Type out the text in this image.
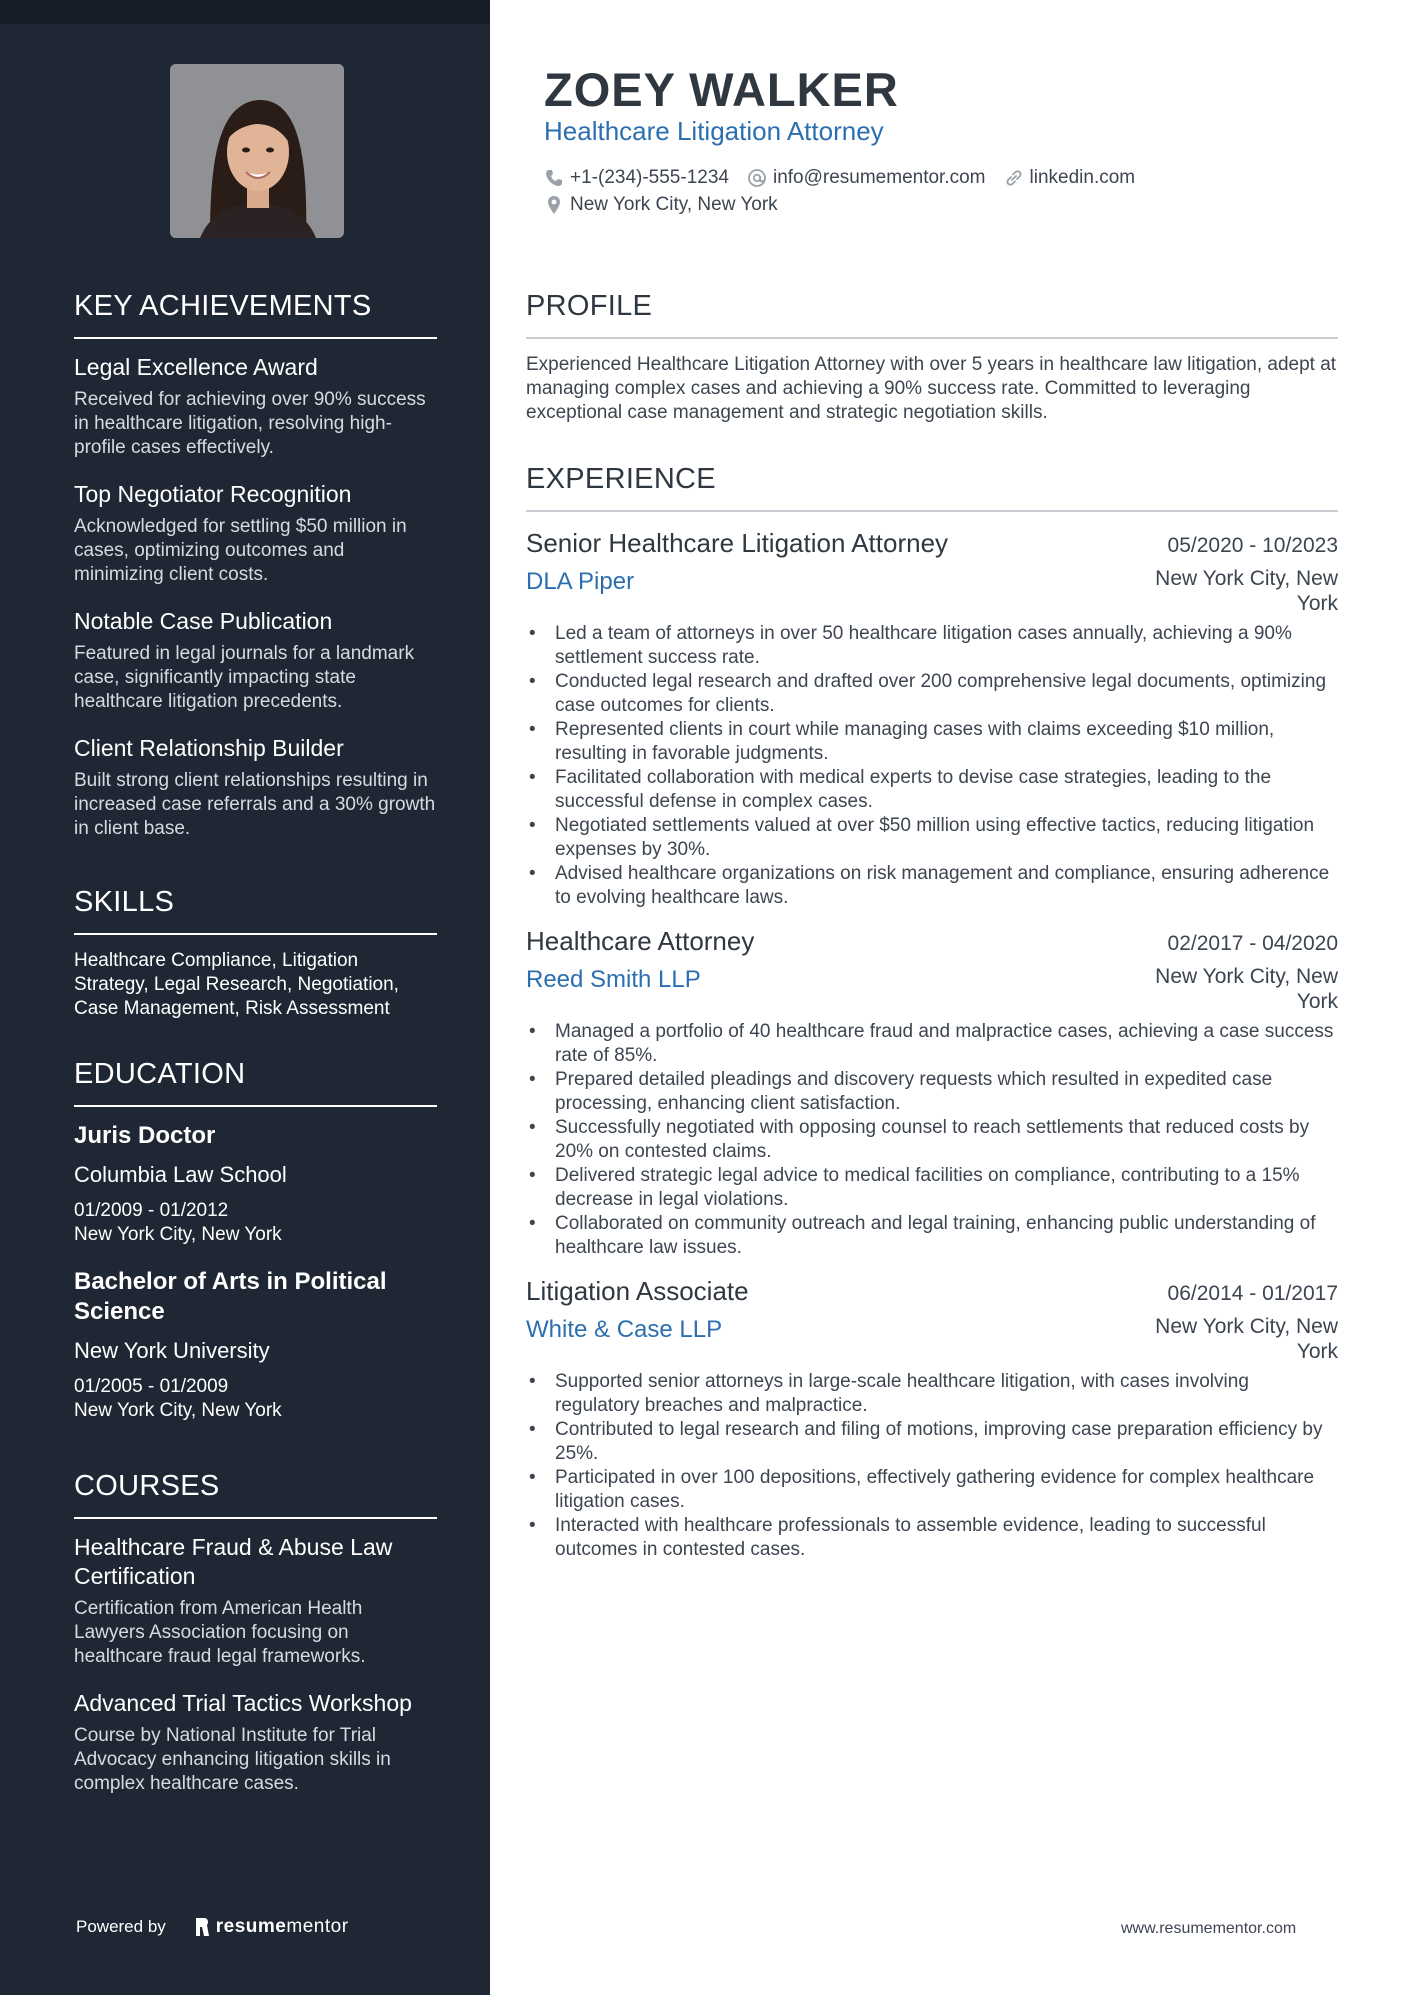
KEY ACHIEVEMENTS
Legal Excellence Award
Received for achieving over 90% success in healthcare litigation, resolving high-profile cases effectively.
Top Negotiator Recognition
Acknowledged for settling $50 million in cases, optimizing outcomes and minimizing client costs.
Notable Case Publication
Featured in legal journals for a landmark case, significantly impacting state healthcare litigation precedents.
Client Relationship Builder
Built strong client relationships resulting in increased case referrals and a 30% growth in client base.
SKILLS
Healthcare Compliance, Litigation Strategy, Legal Research, Negotiation, Case Management, Risk Assessment
EDUCATION
Juris Doctor
Columbia Law School
01/2009 - 01/2012
New York City, New York
Bachelor of Arts in Political Science
New York University
01/2005 - 01/2009
New York City, New York
COURSES
Healthcare Fraud & Abuse Law Certification
Certification from American Health Lawyers Association focusing on healthcare fraud legal frameworks.
Advanced Trial Tactics Workshop
Course by National Institute for Trial Advocacy enhancing litigation skills in complex healthcare cases.
Powered by	resumementor
ZOEY WALKER
Healthcare Litigation Attorney
+1-(234)-555-1234 info@resumementor.com linkedin.com
New York City, New York
PROFILE
Experienced Healthcare Litigation Attorney with over 5 years in healthcare law litigation, adept at managing complex cases and achieving a 90% success rate. Committed to leveraging exceptional case management and strategic negotiation skills.
EXPERIENCE
Senior Healthcare Litigation Attorney	05/2020 - 10/2023
DLA Piper	New York City, New York
• Led a team of attorneys in over 50 healthcare litigation cases annually, achieving a 90% settlement success rate.
• Conducted legal research and drafted over 200 comprehensive legal documents, optimizing case outcomes for clients.
• Represented clients in court while managing cases with claims exceeding $10 million, resulting in favorable judgments.
• Facilitated collaboration with medical experts to devise case strategies, leading to the successful defense in complex cases.
• Negotiated settlements valued at over $50 million using effective tactics, reducing litigation expenses by 30%.
• Advised healthcare organizations on risk management and compliance, ensuring adherence to evolving healthcare laws.
Healthcare Attorney	02/2017 - 04/2020
Reed Smith LLP	New York City, New York
• Managed a portfolio of 40 healthcare fraud and malpractice cases, achieving a case success rate of 85%.
• Prepared detailed pleadings and discovery requests which resulted in expedited case processing, enhancing client satisfaction.
• Successfully negotiated with opposing counsel to reach settlements that reduced costs by 20% on contested claims.
• Delivered strategic legal advice to medical facilities on compliance, contributing to a 15% decrease in legal violations.
• Collaborated on community outreach and legal training, enhancing public understanding of healthcare law issues.
Litigation Associate	06/2014 - 01/2017
White & Case LLP	New York City, New York
• Supported senior attorneys in large-scale healthcare litigation, with cases involving regulatory breaches and malpractice.
• Contributed to legal research and filing of motions, improving case preparation efficiency by 25%.
• Participated in over 100 depositions, effectively gathering evidence for complex healthcare litigation cases.
• Interacted with healthcare professionals to assemble evidence, leading to successful outcomes in contested cases.
www.resumementor.com
